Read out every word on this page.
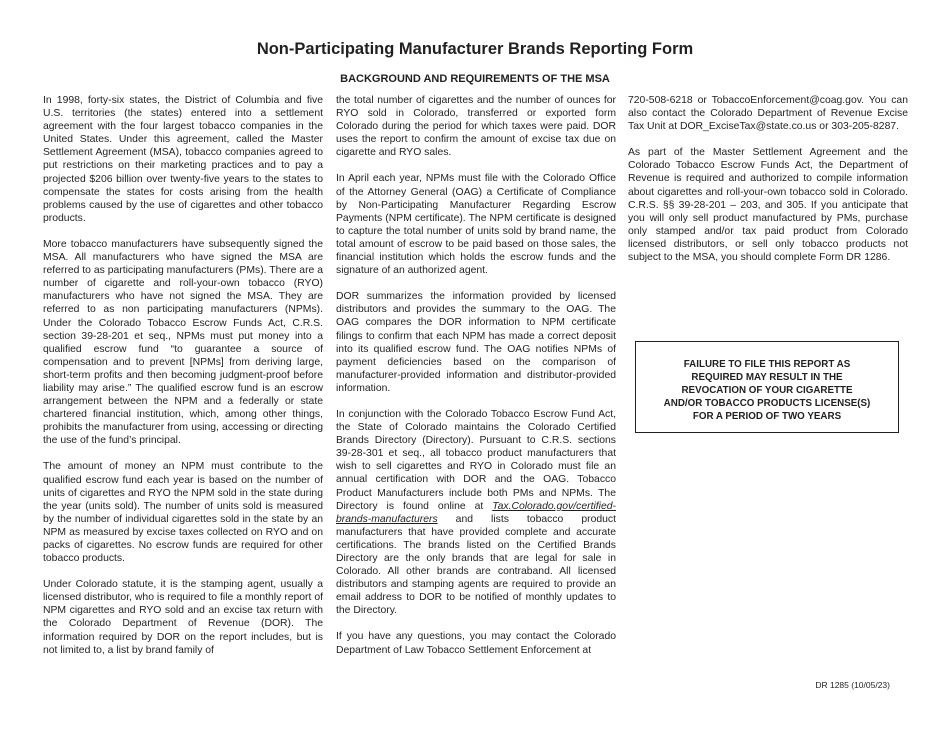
Non-Participating Manufacturer Brands Reporting Form
BACKGROUND AND REQUIREMENTS OF THE MSA

In 1998, forty-six states, the District of Columbia and five U.S. territories (the states) entered into a settlement agreement with the four largest tobacco companies in the United States. Under this agreement, called the Master Settlement Agreement (MSA), tobacco companies agreed to put restrictions on their marketing practices and to pay a projected $206 billion over twenty-five years to the states to compensate the states for costs arising from the health problems caused by the use of cigarettes and other tobacco products.

More tobacco manufacturers have subsequently signed the MSA. All manufacturers who have signed the MSA are referred to as participating manufacturers (PMs). There are a number of cigarette and roll-your-own tobacco (RYO) manufacturers who have not signed the MSA. They are referred to as non participating manufacturers (NPMs). Under the Colorado Tobacco Escrow Funds Act, C.R.S. section 39-28-201 et seq., NPMs must put money into a qualified escrow fund “to guarantee a source of compensation and to prevent [NPMs] from deriving large, short-term profits and then becoming judgment-proof before liability may arise.” The qualified escrow fund is an escrow arrangement between the NPM and a federally or state chartered financial institution, which, among other things, prohibits the manufacturer from using, accessing or directing the use of the fund’s principal.

The amount of money an NPM must contribute to the qualified escrow fund each year is based on the number of units of cigarettes and RYO the NPM sold in the state during the year (units sold). The number of units sold is measured by the number of individual cigarettes sold in the state by an NPM as measured by excise taxes collected on RYO and on packs of cigarettes. No escrow funds are required for other tobacco products.

Under Colorado statute, it is the stamping agent, usually a licensed distributor, who is required to file a monthly report of NPM cigarettes and RYO sold and an excise tax return with the Colorado Department of Revenue (DOR). The information required by DOR on the report includes, but is not limited to, a list by brand family of

the total number of cigarettes and the number of ounces for RYO sold in Colorado, transferred or exported form Colorado during the period for which taxes were paid. DOR uses the report to confirm the amount of excise tax due on cigarette and RYO sales.

In April each year, NPMs must file with the Colorado Office of the Attorney General (OAG) a Certificate of Compliance by Non-Participating Manufacturer Regarding Escrow Payments (NPM certificate). The NPM certificate is designed to capture the total number of units sold by brand name, the total amount of escrow to be paid based on those sales, the financial institution which holds the escrow funds and the signature of an authorized agent.

DOR summarizes the information provided by licensed distributors and provides the summary to the OAG. The OAG compares the DOR information to NPM certificate filings to confirm that each NPM has made a correct deposit into its qualified escrow fund. The OAG notifies NPMs of payment deficiencies based on the comparison of manufacturer-provided information and distributor-provided information.

In conjunction with the Colorado Tobacco Escrow Fund Act, the State of Colorado maintains the Colorado Certified Brands Directory (Directory). Pursuant to C.R.S. sections 39-28-301 et seq., all tobacco product manufacturers that wish to sell cigarettes and RYO in Colorado must file an annual certification with DOR and the OAG. Tobacco Product Manufacturers include both PMs and NPMs. The Directory is found online at Tax.Colorado.gov/certified-brands-manufacturers and lists tobacco product manufacturers that have provided complete and accurate certifications. The brands listed on the Certified Brands Directory are the only brands that are legal for sale in Colorado. All other brands are contraband. All licensed distributors and stamping agents are required to provide an email address to DOR to be notified of monthly updates to the Directory.

If you have any questions, you may contact the Colorado Department of Law Tobacco Settlement Enforcement at

720-508-6218 or TobaccoEnforcement@coag.gov. You can also contact the Colorado Department of Revenue Excise Tax Unit at DOR_ExciseTax@state.co.us or 303-205-8287.

As part of the Master Settlement Agreement and the Colorado Tobacco Escrow Funds Act, the Department of Revenue is required and authorized to compile information about cigarettes and roll-your-own tobacco sold in Colorado. C.R.S. §§ 39-28-201 – 203, and 305. If you anticipate that you will only sell product manufactured by PMs, purchase only stamped and/or tax paid product from Colorado licensed distributors, or sell only tobacco products not subject to the MSA, you should complete Form DR 1286.

FAILURE TO FILE THIS REPORT AS
REQUIRED MAY RESULT IN THE
REVOCATION OF YOUR CIGARETTE
AND/OR TOBACCO PRODUCTS LICENSE(S)
FOR A PERIOD OF TWO YEARS
DR 1285 (10/05/23)
